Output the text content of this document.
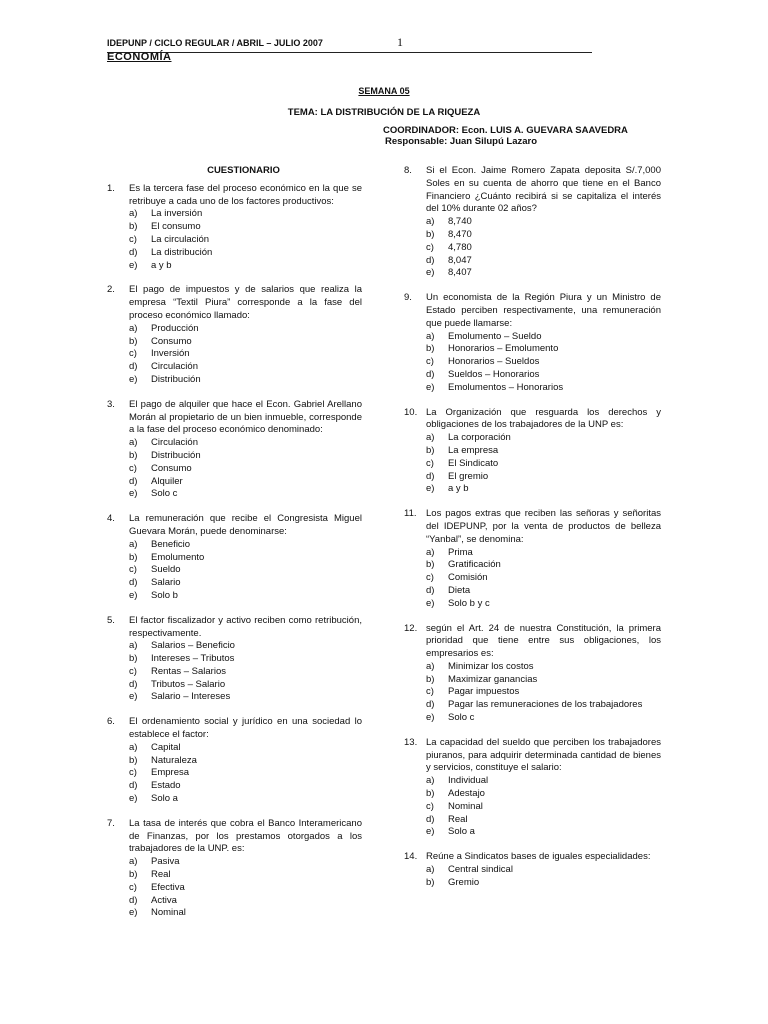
IDEPUNP / CICLO REGULAR / ABRIL – JULIO 2007	1
ECONOMÍA
SEMANA 05
TEMA: LA DISTRIBUCIÓN DE LA RIQUEZA
COORDINADOR: Econ. LUIS A. GUEVARA SAAVEDRA
Responsable: Juan Silupú Lazaro
CUESTIONARIO
1.	Es la tercera fase del proceso económico en la que se retribuye a cada uno de los factores productivos:
a)	La inversión
b)	El consumo
c)	La circulación
d)	La distribución
e)	a y b
2.	El pago de impuestos y de salarios que realiza la empresa “Textil Piura” corresponde a la fase del proceso económico llamado:
a)	Producción
b)	Consumo
c)	Inversión
d)	Circulación
e)	Distribución
3.	El pago de alquiler que hace el Econ. Gabriel Arellano Morán al propietario de un bien inmueble, corresponde a la fase del proceso económico denominado:
a)	Circulación
b)	Distribución
c)	Consumo
d)	Alquiler
e)	Solo c
4.	La remuneración que recibe el Congresista Miguel Guevara Morán, puede denominarse:
a)	Beneficio
b)	Emolumento
c)	Sueldo
d)	Salario
e)	Solo b
5.	El factor fiscalizador y activo reciben como retribución, respectivamente.
a)	Salarios – Beneficio
b)	Intereses – Tributos
c)	Rentas – Salarios
d)	Tributos – Salario
e)	Salario – Intereses
6.	El ordenamiento social y jurídico en una sociedad lo establece el factor:
a)	Capital
b)	Naturaleza
c)	Empresa
d)	Estado
e)	Solo a
7.	La tasa de interés que cobra el Banco Interamericano de Finanzas, por los prestamos otorgados a los trabajadores de la UNP. es:
a)	Pasiva
b)	Real
c)	Efectiva
d)	Activa
e)	Nominal
8.	Si el Econ. Jaime Romero Zapata deposita S/.7,000 Soles en su cuenta de ahorro que tiene en el Banco Financiero ¿Cuánto recibirá si se capitaliza el interés del 10% durante 02 años?
a)	8,740
b)	8,470
c)	4,780
d)	8,047
e)	8,407
9.	Un economista de la Región Piura y un Ministro de Estado perciben respectivamente, una remuneración que puede llamarse:
a)	Emolumento – Sueldo
b)	Honorarios – Emolumento
c)	Honorarios – Sueldos
d)	Sueldos – Honorarios
e)	Emolumentos – Honorarios
10. La Organización que resguarda los derechos y obligaciones de los trabajadores de la UNP es:
a)	La corporación
b)	La empresa
c)	El Sindicato
d)	El gremio
e)	a y b
11. Los pagos extras que reciben las señoras y señoritas del IDEPUNP, por la venta de productos de belleza “Yanbal”, se denomina:
a)	Prima
b)	Gratificación
c)	Comisión
d)	Dieta
e)	Solo b y c
12. según el Art. 24 de nuestra Constitución, la primera prioridad que tiene entre sus obligaciones, los empresarios es:
a)	Minimizar los costos
b)	Maximizar ganancias
c)	Pagar impuestos
d)	Pagar las remuneraciones de los trabajadores
e)	Solo c
13. La capacidad del sueldo que perciben los trabajadores piuranos, para adquirir determinada cantidad de bienes y servicios, constituye el salario:
a)	Individual
b)	Adestajo
c)	Nominal
d)	Real
e)	Solo a
14. Reúne a Sindicatos bases de iguales especialidades:
a)	Central sindical
b)	Gremio
